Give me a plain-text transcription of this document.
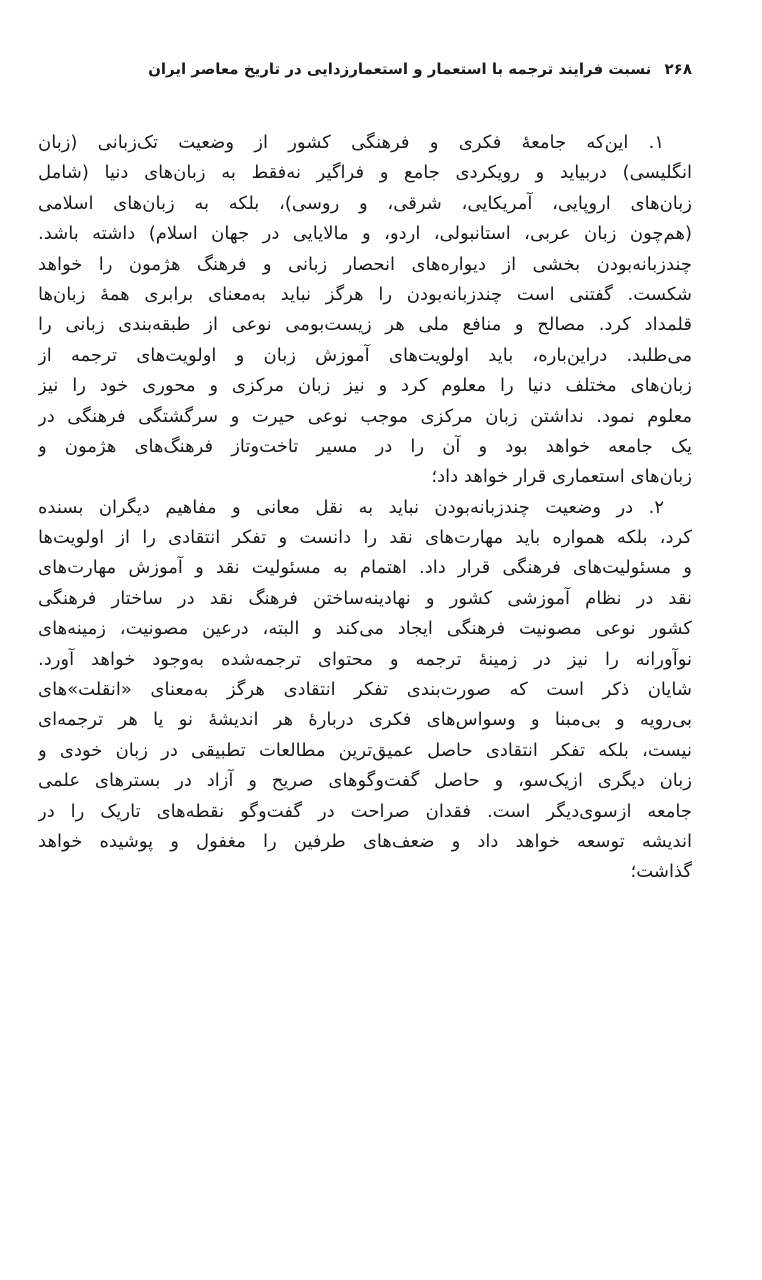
۲۶۸ نسبت فرایند ترجمه با استعمار و استعمارزدایی در تاریخ معاصر ایران
۱. این‌که جامعهٔ فکری و فرهنگی کشور از وضعیت تک‌زبانی (زبان
انگلیسی) دربیاید و رویکردی جامع و فراگیر نه‌فقط به زبان‌های دنیا (شامل
زبان‌های اروپایی، آمریکایی، شرقی، و روسی)، بلکه به زبان‌های اسلامی
(هم‌چون زبان عربی، استانبولی، اردو، و مالایایی در جهان اسلام) داشته باشد.
چندزبانه‌بودن بخشی از دیواره‌های انحصار زبانی و فرهنگ هژمون را خواهد
شکست. گفتنی است چندزبانه‌بودن را هرگز نباید به‌معنای برابری همهٔ زبان‌ها
قلمداد کرد. مصالح و منافع ملی هر زیست‌بومی نوعی از طبقه‌بندی زبانی را
می‌طلبد. دراین‌باره، باید اولویت‌های آموزش زبان و اولویت‌های ترجمه از
زبان‌های مختلف دنیا را معلوم کرد و نیز زبان مرکزی و محوری خود را نیز
معلوم نمود. نداشتن زبان مرکزی موجب نوعی حیرت و سرگشتگی فرهنگی در
یک جامعه خواهد بود و آن را در مسیر تاخت‌وتاز فرهنگ‌های هژمون و
زبان‌های استعماری قرار خواهد داد؛
۲. در وضعیت چندزبانه‌بودن نباید به نقل معانی و مفاهیم دیگران بسنده
کرد، بلکه همواره باید مهارت‌های نقد را دانست و تفکر انتقادی را از اولویت‌ها
و مسئولیت‌های فرهنگی قرار داد. اهتمام به مسئولیت نقد و آموزش مهارت‌های
نقد در نظام آموزشی کشور و نهادینه‌ساختن فرهنگ نقد در ساختار فرهنگی
کشور نوعی مصونیت فرهنگی ایجاد می‌کند و البته، درعین مصونیت، زمینه‌های
نوآورانه را نیز در زمینهٔ ترجمه و محتوای ترجمه‌شده به‌وجود خواهد آورد.
شایان ذکر است که صورت‌بندی تفکر انتقادی هرگز به‌معنای «انقلت»های
بی‌رویه و بی‌مبنا و وسواس‌های فکری دربارهٔ هر اندیشهٔ نو یا هر ترجمه‌ای
نیست، بلکه تفکر انتقادی حاصل عمیق‌ترین مطالعات تطبیقی در زبان خودی و
زبان دیگری ازیک‌سو، و حاصل گفت‌وگوهای صریح و آزاد در بسترهای علمی
جامعه ازسوی‌دیگر است. فقدان صراحت در گفت‌وگو نقطه‌های تاریک را در
اندیشه توسعه خواهد داد و ضعف‌های طرفین را مغفول و پوشیده خواهد
گذاشت؛
